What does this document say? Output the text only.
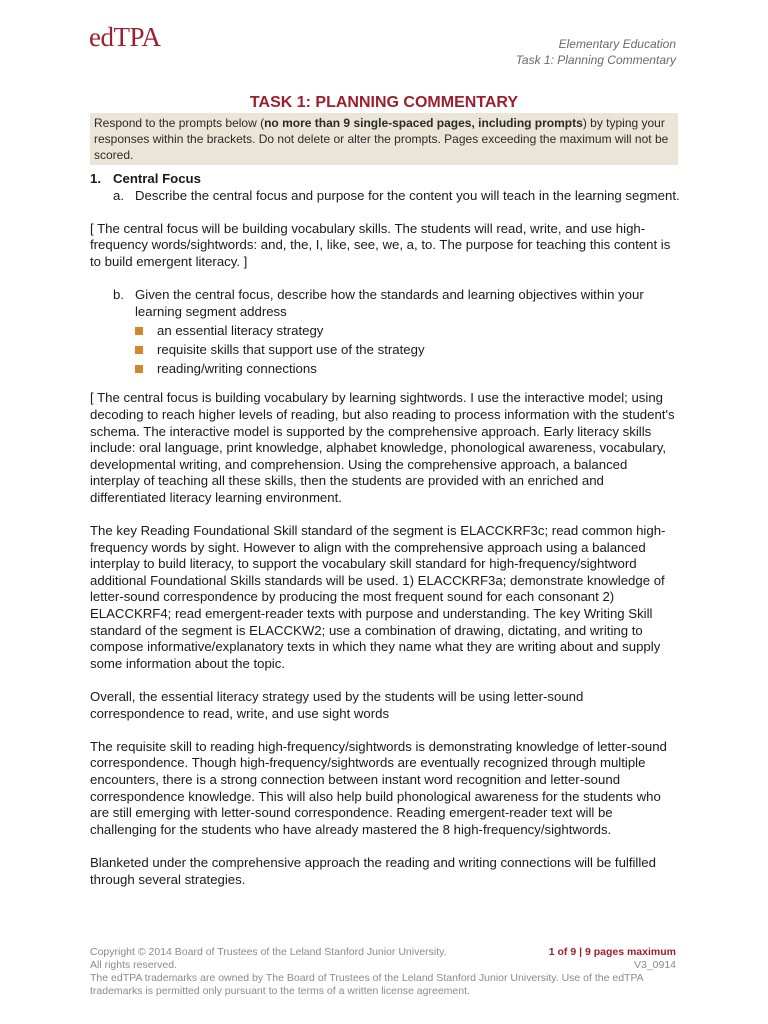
edTPA	Elementary Education
Task 1: Planning Commentary
TASK 1: PLANNING COMMENTARY
Respond to the prompts below (no more than 9 single-spaced pages, including prompts) by typing your responses within the brackets. Do not delete or alter the prompts. Pages exceeding the maximum will not be scored.
1. Central Focus
a. Describe the central focus and purpose for the content you will teach in the learning segment.

[ The central focus will be building vocabulary skills. The students will read, write, and use high-frequency words/sightwords: and, the, I, like, see, we, a, to. The purpose for teaching this content is to build emergent literacy. ]

b. Given the central focus, describe how the standards and learning objectives within your learning segment address
an essential literacy strategy
requisite skills that support use of the strategy
reading/writing connections

[ The central focus is building vocabulary by learning sightwords. I use the interactive model; using decoding to reach higher levels of reading, but also reading to process information with the student's schema. The interactive model is supported by the comprehensive approach. Early literacy skills include: oral language, print knowledge, alphabet knowledge, phonological awareness, vocabulary, developmental writing, and comprehension. Using the comprehensive approach, a balanced interplay of teaching all these skills, then the students are provided with an enriched and differentiated literacy learning environment.

The key Reading Foundational Skill standard of the segment is ELACCKRF3c; read common high-frequency words by sight. However to align with the comprehensive approach using a balanced interplay to build literacy, to support the vocabulary skill standard for high-frequency/sightword additional Foundational Skills standards will be used. 1) ELACCKRF3a; demonstrate knowledge of letter-sound correspondence by producing the most frequent sound for each consonant 2) ELACCKRF4; read emergent-reader texts with purpose and understanding. The key Writing Skill standard of the segment is ELACCKW2; use a combination of drawing, dictating, and writing to compose informative/explanatory texts in which they name what they are writing about and supply some information about the topic.

Overall, the essential literacy strategy used by the students will be using letter-sound correspondence to read, write, and use sight words

The requisite skill to reading high-frequency/sightwords is demonstrating knowledge of letter-sound correspondence. Though high-frequency/sightwords are eventually recognized through multiple encounters, there is a strong connection between instant word recognition and letter-sound correspondence knowledge. This will also help build phonological awareness for the students who are still emerging with letter-sound correspondence. Reading emergent-reader text will be challenging for the students who have already mastered the 8 high-frequency/sightwords.

Blanketed under the comprehensive approach the reading and writing connections will be fulfilled through several strategies.

Copyright © 2014 Board of Trustees of the Leland Stanford Junior University.
All rights reserved.
The edTPA trademarks are owned by The Board of Trustees of the Leland Stanford Junior University. Use of the edTPA trademarks is permitted only pursuant to the terms of a written license agreement.
1 of 9 | 9 pages maximum
V3_0914
